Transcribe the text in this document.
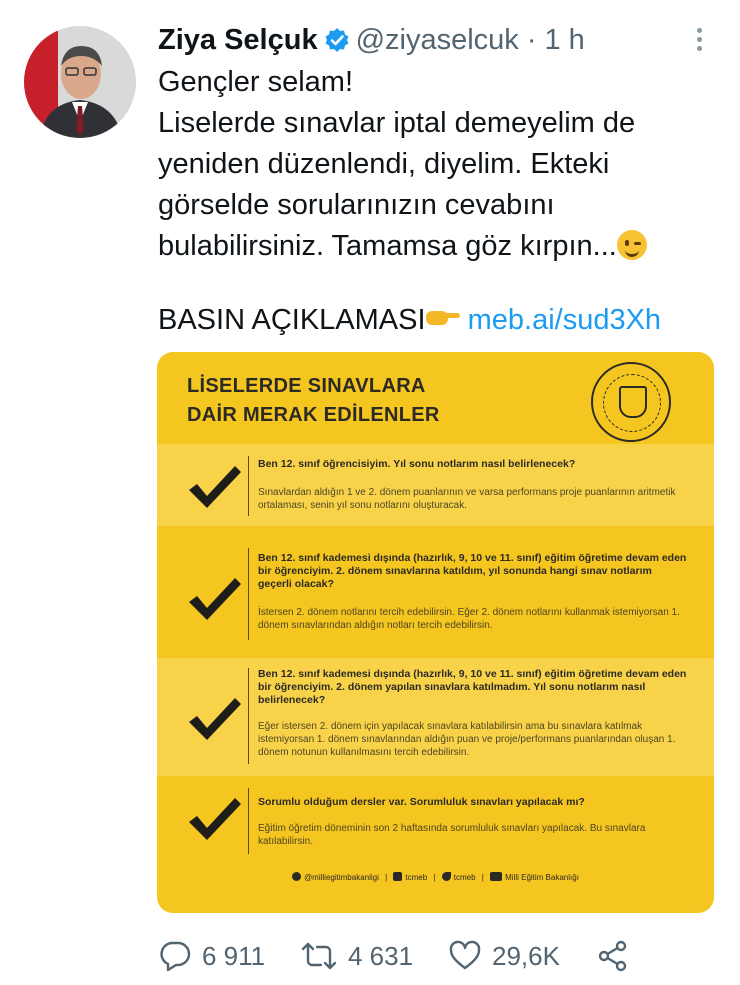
Ziya Selçuk @ziyaselcuk · 1 h
Gençler selam!
Liselerde sınavlar iptal demeyelim de yeniden düzenlendi, diyelim. Ekteki görselde sorularınızın cevabını bulabilirsiniz. Tamamsa göz kırpın...
BASIN AÇIKLAMASI meb.ai/sud3Xh
LİSELERDE SINAVLARA
DAİR MERAK EDİLENLER
Ben 12. sınıf öğrencisiyim. Yıl sonu notlarım nasıl belirlenecek?
Sınavlardan aldığın 1 ve 2. dönem puanlarının ve varsa performans proje puanlarının aritmetik ortalaması, senin yıl sonu notlarını oluşturacak.
Ben 12. sınıf kademesi dışında (hazırlık, 9, 10 ve 11. sınıf) eğitim öğretime devam eden bir öğrenciyim. 2. dönem sınavlarına katıldım, yıl sonunda hangi sınav notlarım geçerli olacak?
İstersen 2. dönem notlarını tercih edebilirsin. Eğer 2. dönem notlarını kullanmak istemiyorsan 1. dönem sınavlarından aldığın notları tercih edebilirsin.
Ben 12. sınıf kademesi dışında (hazırlık, 9, 10 ve 11. sınıf) eğitim öğretime devam eden bir öğrenciyim. 2. dönem yapılan sınavlara katılmadım. Yıl sonu notlarım nasıl belirlenecek?
Eğer istersen 2. dönem için yapılacak sınavlara katılabilirsin ama bu sınavlara katılmak istemiyorsan 1. dönem sınavlarından aldığın puan ve proje/performans puanlarından oluşan 1. dönem notunun kullanılmasını tercih edebilirsin.
Sorumlu olduğum dersler var. Sorumluluk sınavları yapılacak mı?
Eğitim öğretim döneminin son 2 haftasında sorumluluk sınavları yapılacak. Bu sınavlara katılabilirsin.
@milliegitimbakanligi | tcmeb | tcmeb |	Milli Eğitim Bakanlığı
6 911	4 631	29,6K
